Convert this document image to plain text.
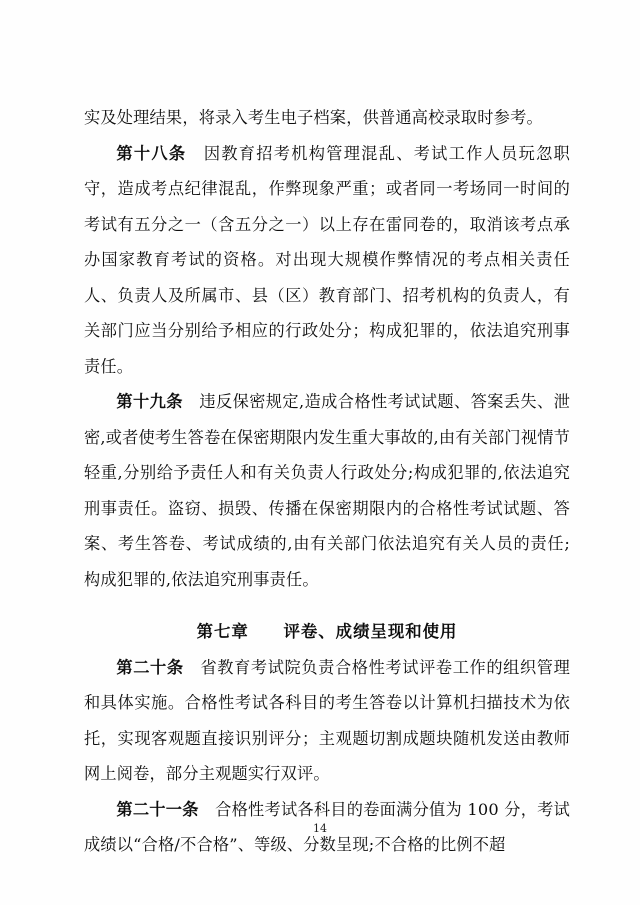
实及处理结果，将录入考生电子档案，供普通高校录取时参考。

第十八条　因教育招考机构管理混乱、考试工作人员玩忽职守，造成考点纪律混乱，作弊现象严重；或者同一考场同一时间的考试有五分之一（含五分之一）以上存在雷同卷的，取消该考点承办国家教育考试的资格。对出现大规模作弊情况的考点相关责任人、负责人及所属市、县（区）教育部门、招考机构的负责人，有关部门应当分别给予相应的行政处分；构成犯罪的，依法追究刑事责任。

第十九条　违反保密规定,造成合格性考试试题、答案丢失、泄密,或者使考生答卷在保密期限内发生重大事故的,由有关部门视情节轻重,分别给予责任人和有关负责人行政处分;构成犯罪的,依法追究刑事责任。盗窃、损毁、传播在保密期限内的合格性考试试题、答案、考生答卷、考试成绩的,由有关部门依法追究有关人员的责任;构成犯罪的,依法追究刑事责任。

第七章　　评卷、成绩呈现和使用

第二十条　省教育考试院负责合格性考试评卷工作的组织管理和具体实施。合格性考试各科目的考生答卷以计算机扫描技术为依托，实现客观题直接识别评分；主观题切割成题块随机发送由教师网上阅卷，部分主观题实行双评。

第二十一条　合格性考试各科目的卷面满分值为 100 分，考试成绩以“合格/不合格”、等级、分数呈现;不合格的比例不超

14
